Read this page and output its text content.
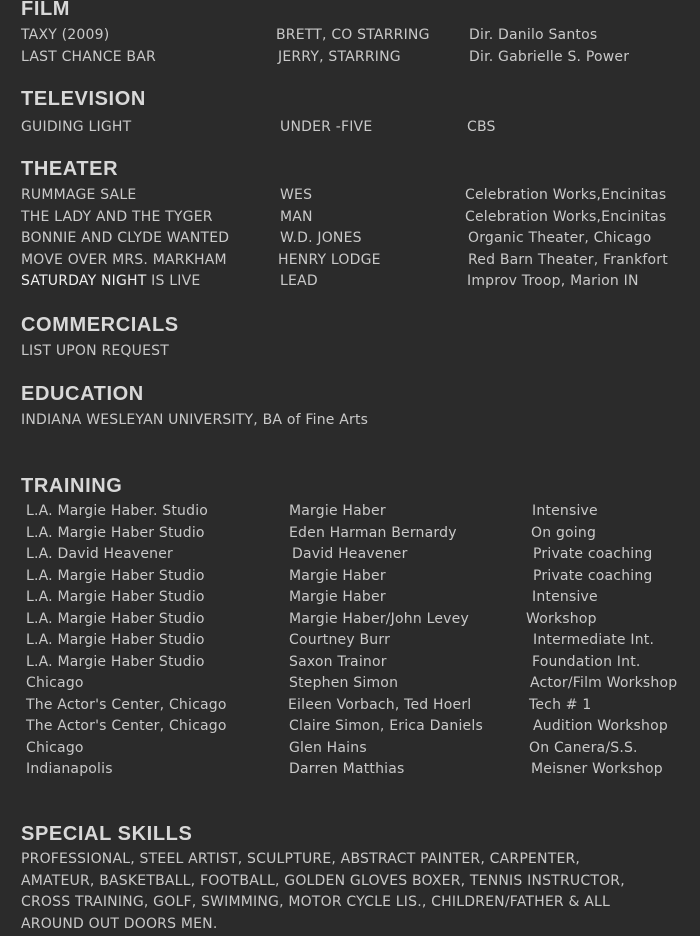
FILM
TAXY (2009)	BRETT, CO STARRING	Dir. Danilo Santos
LAST CHANCE BAR	JERRY, STARRING	Dir. Gabrielle S. Power
TELEVISION
GUIDING LIGHT	UNDER -FIVE	CBS
THEATER
RUMMAGE SALE	WES	Celebration Works,Encinitas
THE LADY AND THE TYGER	MAN	Celebration Works,Encinitas
BONNIE AND CLYDE WANTED	W.D. JONES	Organic Theater, Chicago
MOVE OVER MRS. MARKHAM	HENRY LODGE	Red Barn Theater, Frankfort
SATURDAY NIGHT IS LIVE	LEAD	Improv Troop, Marion IN
COMMERCIALS
LIST UPON REQUEST
EDUCATION
INDIANA WESLEYAN UNIVERSITY, BA of Fine Arts
TRAINING
L.A. Margie Haber. Studio	Margie Haber	Intensive
L.A. Margie Haber Studio	Eden Harman Bernardy	On going
L.A. David Heavener	David Heavener	Private coaching
L.A. Margie Haber Studio	Margie Haber	Private coaching
L.A. Margie Haber Studio	Margie Haber	Intensive
L.A. Margie Haber Studio	Margie Haber/John Levey	Workshop
L.A. Margie Haber Studio	Courtney Burr	Intermediate Int.
L.A. Margie Haber Studio	Saxon Trainor	Foundation Int.
Chicago	Stephen Simon	Actor/Film Workshop
The Actor's Center, Chicago	Eileen Vorbach, Ted Hoerl	Tech # 1
The Actor's Center, Chicago	Claire Simon, Erica Daniels	Audition Workshop
Chicago	Glen Hains	On Canera/S.S.
Indianapolis	Darren Matthias	Meisner Workshop
SPECIAL SKILLS
PROFESSIONAL, STEEL ARTIST, SCULPTURE, ABSTRACT PAINTER, CARPENTER,
AMATEUR, BASKETBALL, FOOTBALL, GOLDEN GLOVES BOXER, TENNIS INSTRUCTOR,
CROSS TRAINING, GOLF, SWIMMING, MOTOR CYCLE LIS., CHILDREN/FATHER & ALL
AROUND OUT DOORS MEN.
